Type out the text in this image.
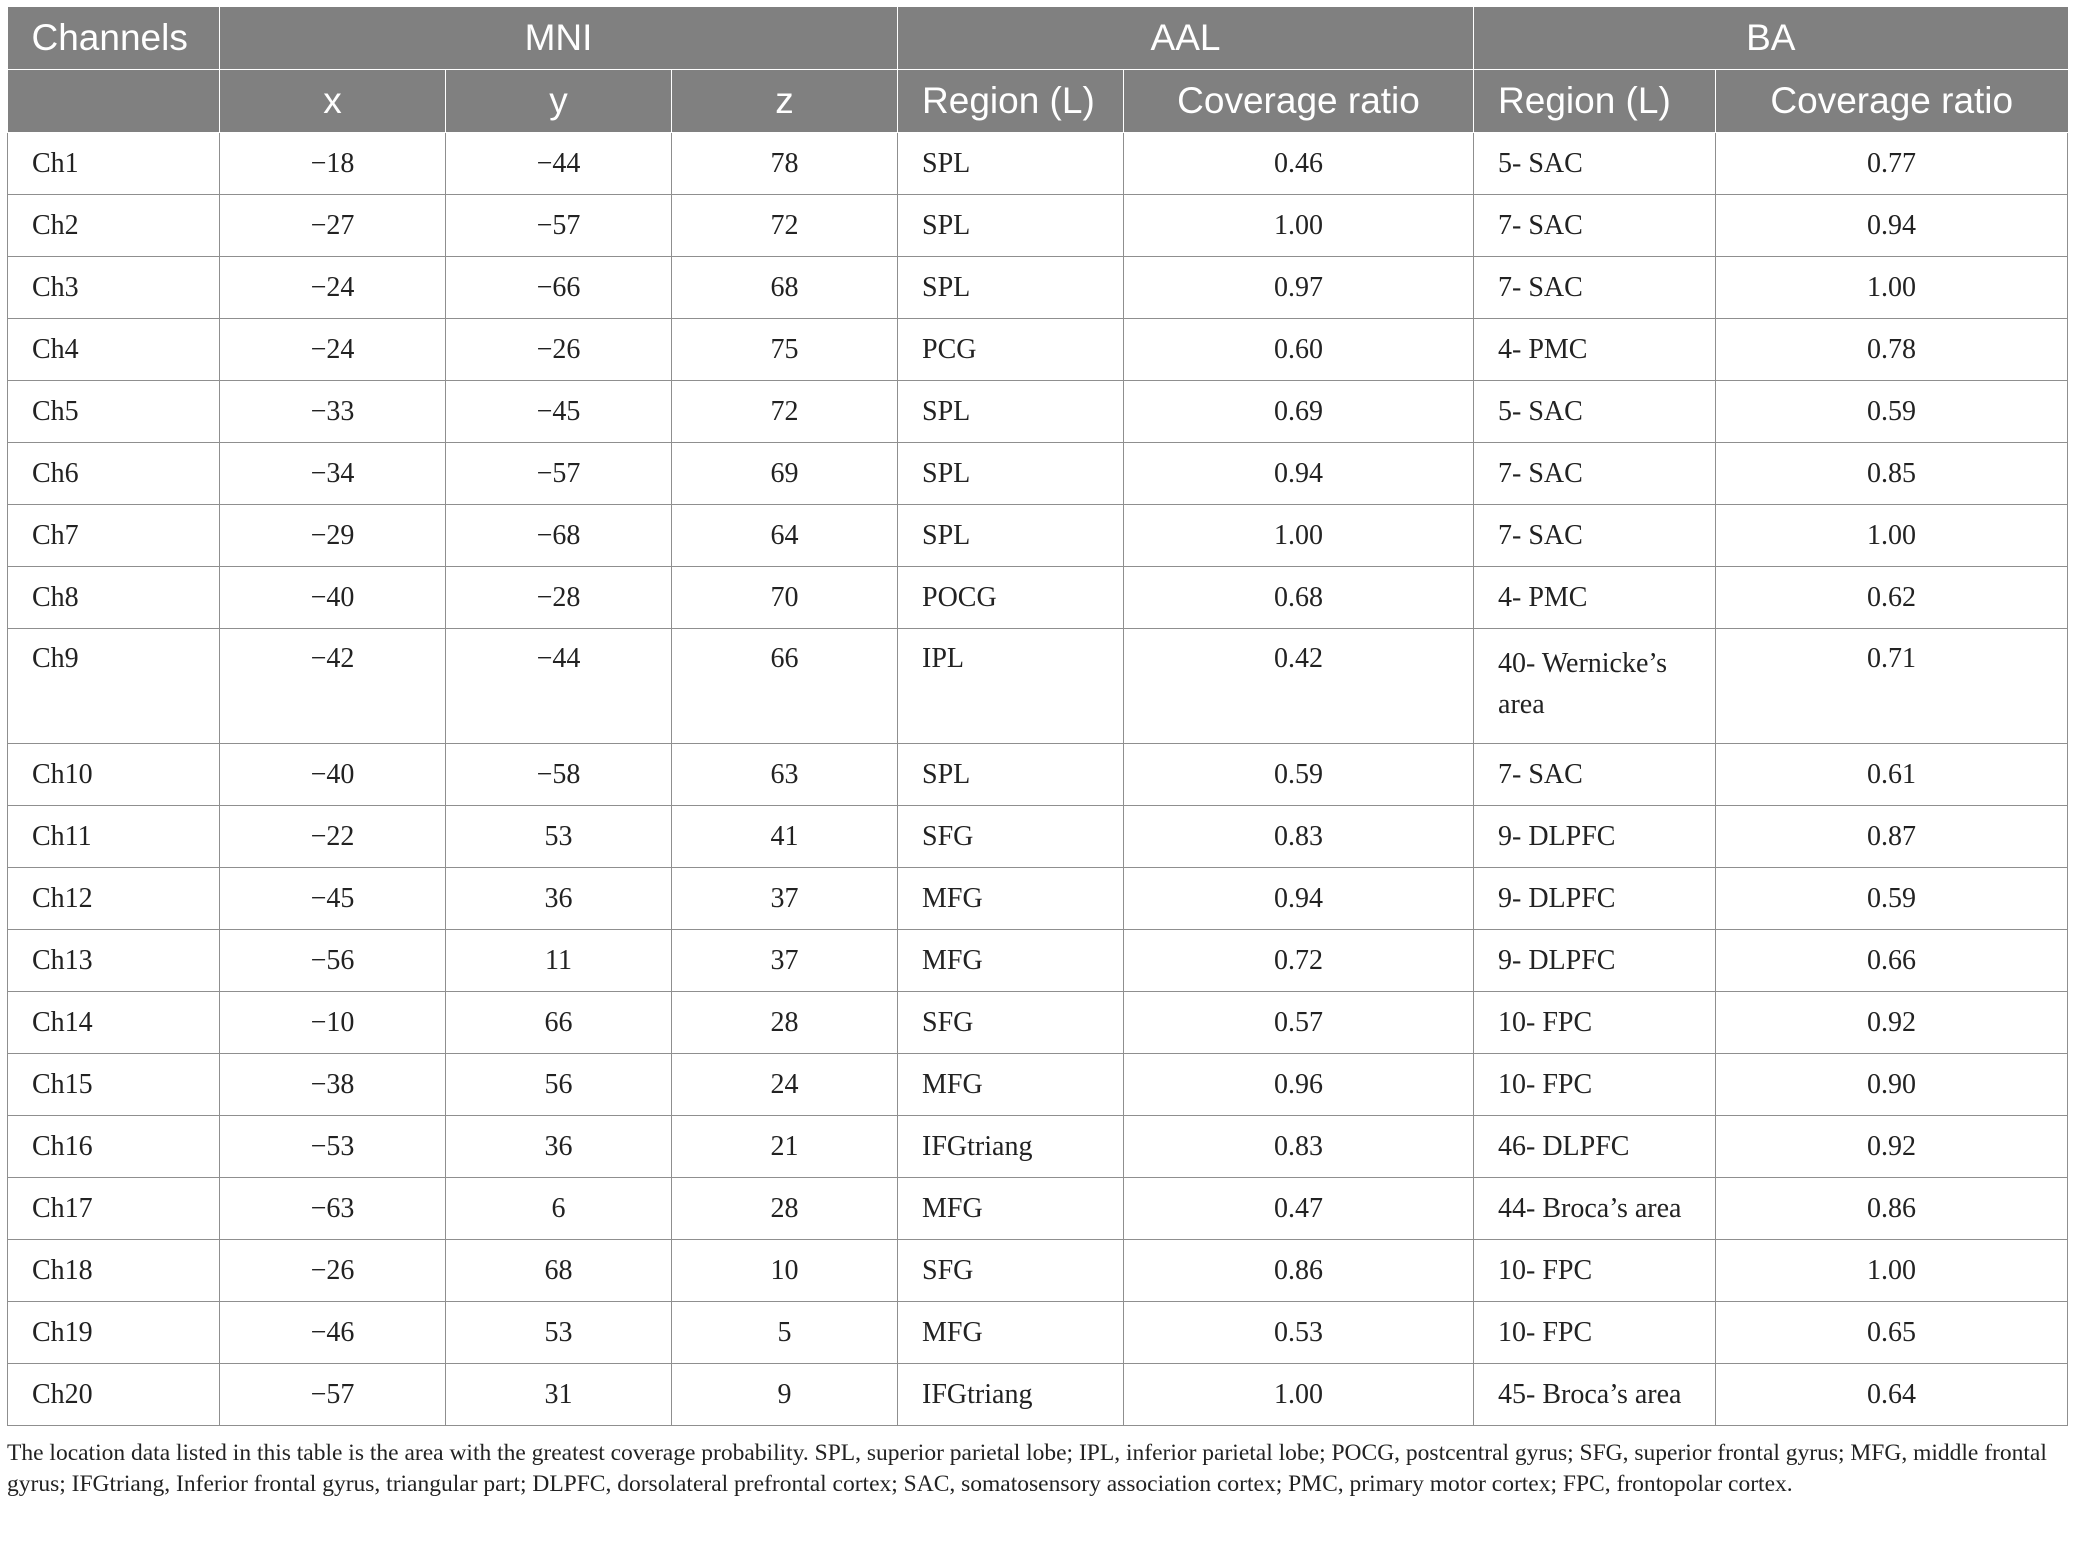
Channels	MNI			AAL		BA	
	x	y	z	Region (L)	Coverage ratio	Region (L)	Coverage ratio
Ch1	−18	−44	78	SPL	0.46	5- SAC	0.77
Ch2	−27	−57	72	SPL	1.00	7- SAC	0.94
Ch3	−24	−66	68	SPL	0.97	7- SAC	1.00
Ch4	−24	−26	75	PCG	0.60	4- PMC	0.78
Ch5	−33	−45	72	SPL	0.69	5- SAC	0.59
Ch6	−34	−57	69	SPL	0.94	7- SAC	0.85
Ch7	−29	−68	64	SPL	1.00	7- SAC	1.00
Ch8	−40	−28	70	POCG	0.68	4- PMC	0.62
Ch9	−42	−44	66	IPL	0.42	40- Wernicke’s area	0.71
Ch10	−40	−58	63	SPL	0.59	7- SAC	0.61
Ch11	−22	53	41	SFG	0.83	9- DLPFC	0.87
Ch12	−45	36	37	MFG	0.94	9- DLPFC	0.59
Ch13	−56	11	37	MFG	0.72	9- DLPFC	0.66
Ch14	−10	66	28	SFG	0.57	10- FPC	0.92
Ch15	−38	56	24	MFG	0.96	10- FPC	0.90
Ch16	−53	36	21	IFGtriang	0.83	46- DLPFC	0.92
Ch17	−63	6	28	MFG	0.47	44- Broca’s area	0.86
Ch18	−26	68	10	SFG	0.86	10- FPC	1.00
Ch19	−46	53	5	MFG	0.53	10- FPC	0.65
Ch20	−57	31	9	IFGtriang	1.00	45- Broca’s area	0.64
The location data listed in this table is the area with the greatest coverage probability. SPL, superior parietal lobe; IPL, inferior parietal lobe; POCG, postcentral gyrus; SFG, superior frontal gyrus; MFG, middle frontal gyrus; IFGtriang, Inferior frontal gyrus, triangular part; DLPFC, dorsolateral prefrontal cortex; SAC, somatosensory association cortex; PMC, primary motor cortex; FPC, frontopolar cortex.
